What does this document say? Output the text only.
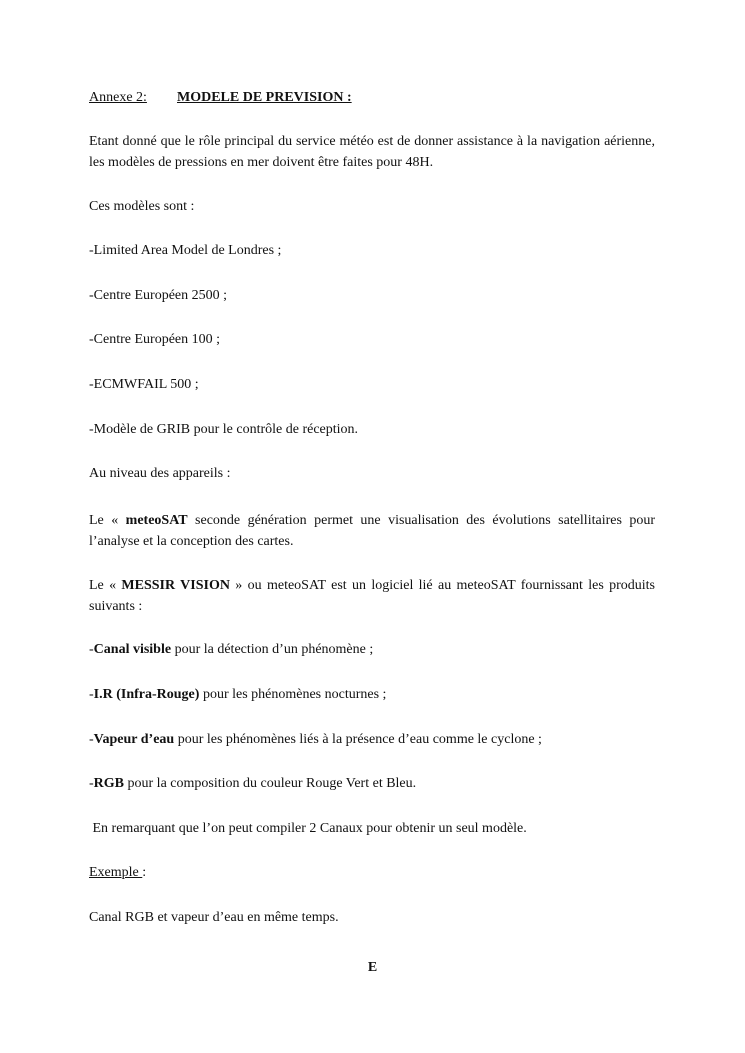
Annexe 2: MODELE DE PREVISION :
Etant donné que le rôle principal du service météo est de donner assistance à la navigation aérienne, les modèles de pressions en mer doivent être faites pour 48H.
Ces modèles sont :
-Limited Area Model de Londres ;
-Centre Européen 2500 ;
-Centre Européen 100 ;
-ECMWFAIL 500 ;
-Modèle de GRIB pour le contrôle de réception.
Au niveau des appareils :
Le « meteoSAT seconde génération permet une visualisation des évolutions satellitaires pour l’analyse et la conception des cartes.
Le « MESSIR VISION » ou meteoSAT est un logiciel lié au meteoSAT fournissant les produits suivants :
-Canal visible pour la détection d’un phénomène ;
-I.R (Infra-Rouge) pour les phénomènes nocturnes ;
-Vapeur d’eau pour les phénomènes liés à la présence d’eau comme le cyclone ;
-RGB pour la composition du couleur Rouge Vert et Bleu.
En remarquant que l’on peut compiler 2 Canaux pour obtenir un seul modèle.
Exemple :
Canal RGB et vapeur d’eau en même temps.
E
